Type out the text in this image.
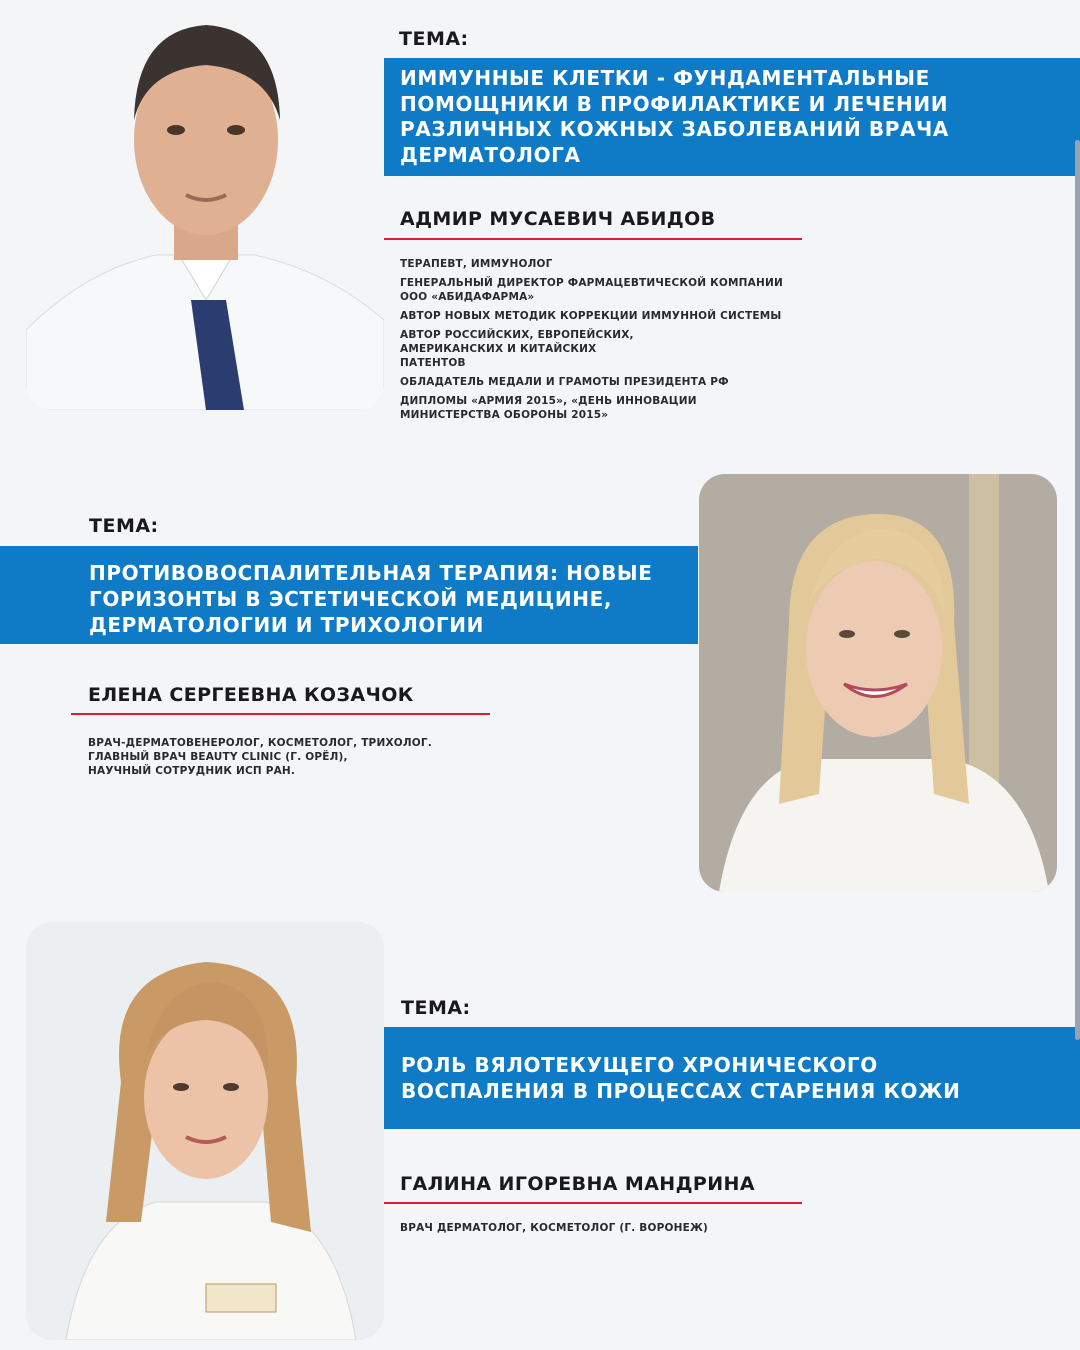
ТЕМА:
ИММУННЫЕ КЛЕТКИ - ФУНДАМЕНТАЛЬНЫЕ
ПОМОЩНИКИ В ПРОФИЛАКТИКЕ И ЛЕЧЕНИИ
РАЗЛИЧНЫХ КОЖНЫХ ЗАБОЛЕВАНИЙ ВРАЧА
ДЕРМАТОЛОГА
АДМИР МУСАЕВИЧ АБИДОВ

ТЕРАПЕВТ, ИММУНОЛОГ

ГЕНЕРАЛЬНЫЙ ДИРЕКТОР ФАРМАЦЕВТИЧЕСКОЙ КОМПАНИИ ООО «АБИДАФАРМА»

АВТОР НОВЫХ МЕТОДИК КОРРЕКЦИИ ИММУННОЙ СИСТЕМЫ

АВТОР РОССИЙСКИХ, ЕВРОПЕЙСКИХ, АМЕРИКАНСКИХ И КИТАЙСКИХ ПАТЕНТОВ

ОБЛАДАТЕЛЬ МЕДАЛИ И ГРАМОТЫ ПРЕЗИДЕНТА РФ

ДИПЛОМЫ «АРМИЯ 2015», «ДЕНЬ ИННОВАЦИИ МИНИСТЕРСТВА ОБОРОНЫ 2015»

ТЕМА:
ПРОТИВОВОСПАЛИТЕЛЬНАЯ ТЕРАПИЯ: НОВЫЕ
ГОРИЗОНТЫ В ЭСТЕТИЧЕСКОЙ МЕДИЦИНЕ,
ДЕРМАТОЛОГИИ И ТРИХОЛОГИИ
ЕЛЕНА СЕРГЕЕВНА КОЗАЧОК
ВРАЧ-ДЕРМАТОВЕНЕРОЛОГ, КОСМЕТОЛОГ, ТРИХОЛОГ.
ГЛАВНЫЙ ВРАЧ BEAUTY CLINIC (Г. ОРЁЛ),
НАУЧНЫЙ СОТРУДНИК ИСП РАН.
ТЕМА:
РОЛЬ ВЯЛОТЕКУЩЕГО ХРОНИЧЕСКОГО
ВОСПАЛЕНИЯ В ПРОЦЕССАХ СТАРЕНИЯ КОЖИ
ГАЛИНА ИГОРЕВНА МАНДРИНА
ВРАЧ ДЕРМАТОЛОГ, КОСМЕТОЛОГ (Г. ВОРОНЕЖ)
